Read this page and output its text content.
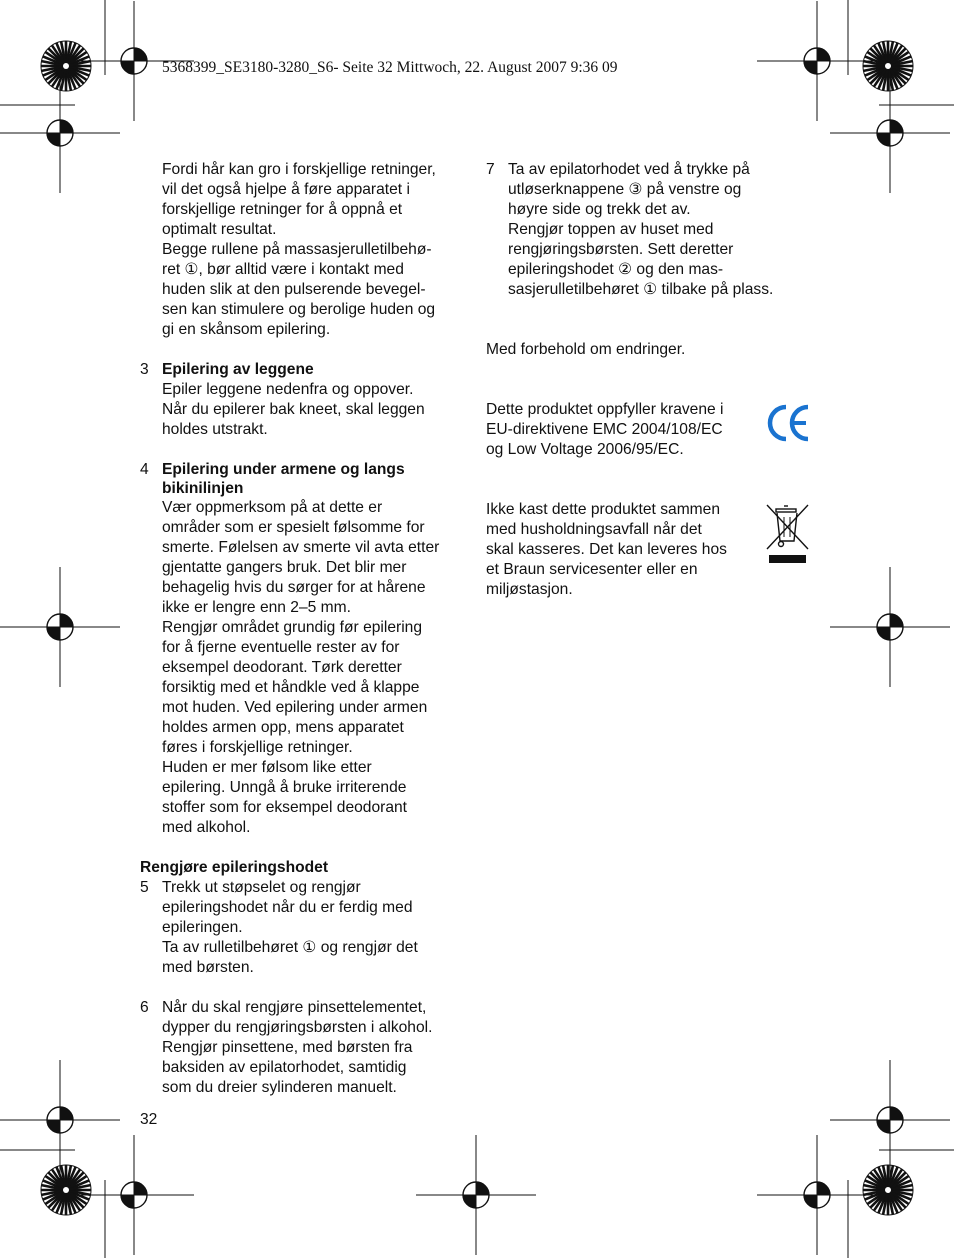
5368399_SE3180-3280_S6- Seite 32 Mittwoch, 22. August 2007 9:36 09

Fordi hår kan gro i forskjellige retninger,

vil det også hjelpe å føre apparatet i

forskjellige retninger for å oppnå et

optimalt resultat.

Begge rullene på massasjerulletilbehø-

ret ①, bør alltid være i kontakt med

huden slik at den pulserende bevegel-

sen kan stimulere og berolige huden og

gi en skånsom epilering.

3 Epilering av leggene

Epiler leggene nedenfra og oppover.

Når du epilerer bak kneet, skal leggen

holdes utstrakt.

4 Epilering under armene og langs

bikinilinjen

Vær oppmerksom på at dette er

områder som er spesielt følsomme for

smerte. Følelsen av smerte vil avta etter

gjentatte gangers bruk. Det blir mer

behagelig hvis du sørger for at hårene

ikke er lengre enn 2–5 mm.

Rengjør området grundig før epilering

for å fjerne eventuelle rester av for

eksempel deodorant. Tørk deretter

forsiktig med et håndkle ved å klappe

mot huden. Ved epilering under armen

holdes armen opp, mens apparatet

føres i forskjellige retninger.

Huden er mer følsom like etter

epilering. Unngå å bruke irriterende

stoffer som for eksempel deodorant

med alkohol.

Rengjøre epileringshodet

5 Trekk ut støpselet og rengjør

epileringshodet når du er ferdig med

epileringen.

Ta av rulletilbehøret ① og rengjør det

med børsten.

6 Når du skal rengjøre pinsettelementet,

dypper du rengjøringsbørsten i alkohol.

Rengjør pinsettene, med børsten fra

baksiden av epilatorhodet, samtidig

som du dreier sylinderen manuelt.

32
7 Ta av epilatorhodet ved å trykke på

utløserknappene ③ på venstre og

høyre side og trekk det av.

Rengjør toppen av huset med

rengjøringsbørsten. Sett deretter

epileringshodet ② og den mas-

sasjerulletilbehøret ① tilbake på plass.

Med forbehold om endringer.

Dette produktet oppfyller kravene i

EU-direktivene EMC 2004/108/EC

og Low Voltage 2006/95/EC.

Ikke kast dette produktet sammen

med husholdningsavfall når det

skal kasseres. Det kan leveres hos

et Braun servicesenter eller en

miljøstasjon.
